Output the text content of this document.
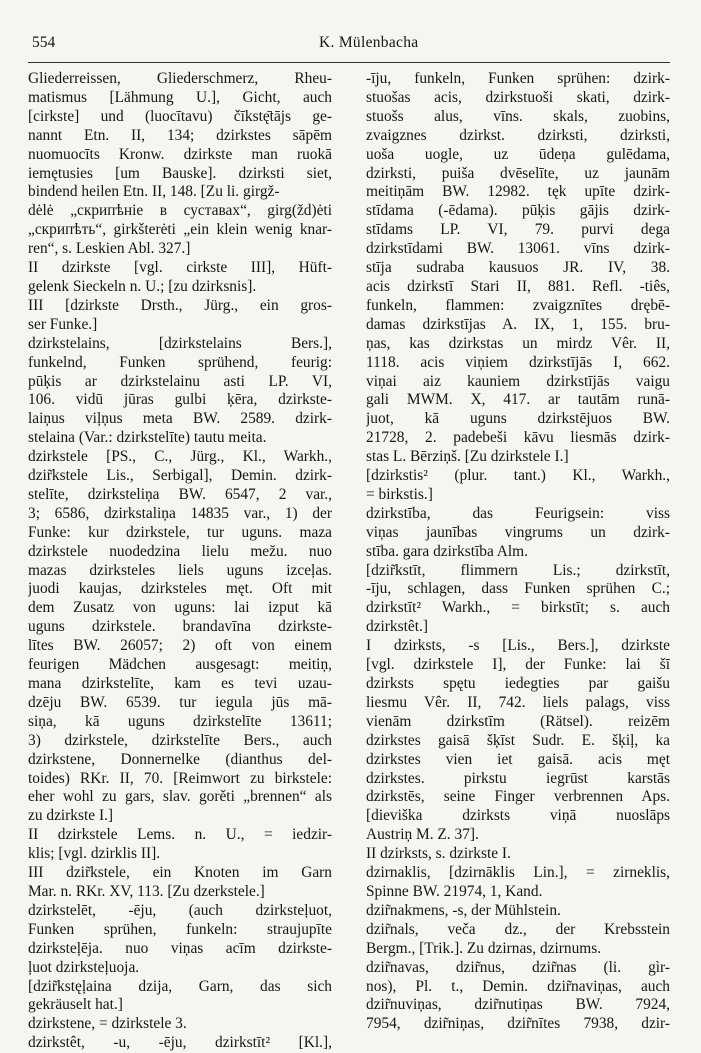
554	K. Mülenbacha

Gliederreissen, Gliederschmerz, Rheu-

matismus [Lähmung U.], Gicht, auch

[cirkste] und (luocītavu) čīkstę̄tājs ge-

nannt Etn. II, 134; dzirkstes sāpēm

nuomuocīts Kronw. dzirkste man ruokā

iemętusies [um Bauske]. dzirksti siet,

bindend heilen Etn. II, 148. [Zu li. girgž-

dėlė „скрипѣніе в суставах“, girg(žd)ėti

„скрипѣть“, girkšterėti „ein klein wenig knar-

ren“, s. Leskien Abl. 327.]

II dzirkste [vgl. cirkste III], Hüft-

gelenk Sieckeln n. U.; [zu dzirksnis].

III [dzirkste Drsth., Jürg., ein gros-

ser Funke.]

dzirkstelains, [dzirkstelains Bers.],

funkelnd, Funken sprühend, feurig:

pūķis ar dzirkstelainu asti LP. VI,

106. vidū jūras gulbi ķēra, dzirkste-

laiņus viļņus meta BW. 2589. dzirk-

stelaina (Var.: dzirkstelīte) tautu meita.

dzirkstele [PS., C., Jürg., Kl., Warkh.,

dzir̃kstele Lis., Serbigal], Demin. dzirk-

stelīte, dzirksteliņa BW. 6547, 2 var.,

3; 6586, dzirkstaliņa 14835 var., 1) der

Funke: kur dzirkstele, tur uguns. maza

dzirkstele nuodedzina lielu mežu. nuo

mazas dzirksteles liels uguns izceļas.

juodi kaujas, dzirksteles męt. Oft mit

dem Zusatz von uguns: lai izput kā

uguns dzirkstele. brandavīna dzirkste-

lītes BW. 26057; 2) oft von einem

feurigen Mädchen ausgesagt: meitiņ,

mana dzirkstelīte, kam es tevi uzau-

dzēju BW. 6539. tur iegula jūs mā-

siņa, kā uguns dzirkstelīte 13611;

3) dzirkstele, dzirkstelīte Bers., auch

dzirkstene, Donnernelke (dianthus del-

toides) RKr. II, 70. [Reimwort zu birkstele:

eher wohl zu gars, slav. gorěti „brennen“ als

zu dzirkste I.]

II dzirkstele Lems. n. U., = iedzir-

klis; [vgl. dzirklis II].

III dzir̃kstele, ein Knoten im Garn

Mar. n. RKr. XV, 113. [Zu dzerkstele.]

dzirkstelēt, -ēju, (auch dzirksteļuot,

Funken sprühen, funkeln: straujupīte

dzirksteļēja. nuo viņas acīm dzirkste-

ļuot dzirksteļuoja.

[dzir̃kstęļaina dzija, Garn, das sich

gekräuselt hat.]

dzirkstene, = dzirkstele 3.

dzirkstêt, -u, -ēju, dzirkstīt² [Kl.],

-īju, funkeln, Funken sprühen: dzirk-

stuošas acis, dzirkstuoši skati, dzirk-

stuošs alus, vīns. skals, zuobins,

zvaigznes dzirkst. dzirksti, dzirksti,

uoša uogle, uz ūdeņa gulēdama,

dzirksti, puiša dvēselīte, uz jaunām

meitiņām BW. 12982. tęk upīte dzirk-

stīdama (-ēdama). pūķis gājis dzirk-

stīdams LP. VI, 79. purvi dega

dzirkstīdami BW. 13061. vīns dzirk-

stīja sudraba kausuos JR. IV, 38.

acis dzirkstī Stari II, 881. Refl. -tiês,

funkeln, flammen: zvaigznītes drębē-

damas dzirkstījas A. IX, 1, 155. bru-

ņas, kas dzirkstas un mirdz Vêr. II,

1118. acis viņiem dzirkstījās I, 662.

viņai aiz kauniem dzirkstījās vaigu

gali MWM. X, 417. ar tautām runā-

juot, kā uguns dzirkstējuos BW.

21728, 2. padebeši kāvu liesmās dzirk-

stas L. Bērziņš. [Zu dzirkstele I.]

[dzirkstis² (plur. tant.) Kl., Warkh.,

= birkstis.]

dzirkstība, das Feurigsein: viss

viņas jaunības vingrums un dzirk-

stība. gara dzirkstība Alm.

[dzir̃kstīt, flimmern Lis.; dzirkstīt,

-īju, schlagen, dass Funken sprühen C.;

dzirkstīt² Warkh., = birkstīt; s. auch

dzirkstêt.]

I dzirksts, -s [Lis., Bers.], dzirkste

[vgl. dzirkstele I], der Funke: lai šī

dzirksts spętu iedegties par gaišu

liesmu Vêr. II, 742. liels palags, viss

vienām dzirkstīm (Rätsel). reizēm

dzirkstes gaisā šķīst Sudr. E. šķiļ, ka

dzirkstes vien iet gaisā. acis męt

dzirkstes. pirkstu iegrūst karstās

dzirkstēs, seine Finger verbrennen Aps.

[dieviška dzirksts viņā nuoslāps

Austriņ M. Z. 37].

II dzirksts, s. dzirkste I.

dzirnaklis, [dzirnāklis Lin.], = zirneklis,

Spinne BW. 21974, 1, Kand.

dzir̃nakmens, -s, der Mühlstein.

dzir̃nals, veča dz., der Krebsstein

Bergm., [Trik.]. Zu dzirnas, dzirnums.

dzir̃navas, dzir̃nus, dzir̃nas (li. gìr-

nos), Pl. t., Demin. dzir̃naviņas, auch

dzir̃nuviņas, dzir̃nutiņas BW. 7924,

7954, dzir̃niņas, dzir̃nītes 7938, dzir-
